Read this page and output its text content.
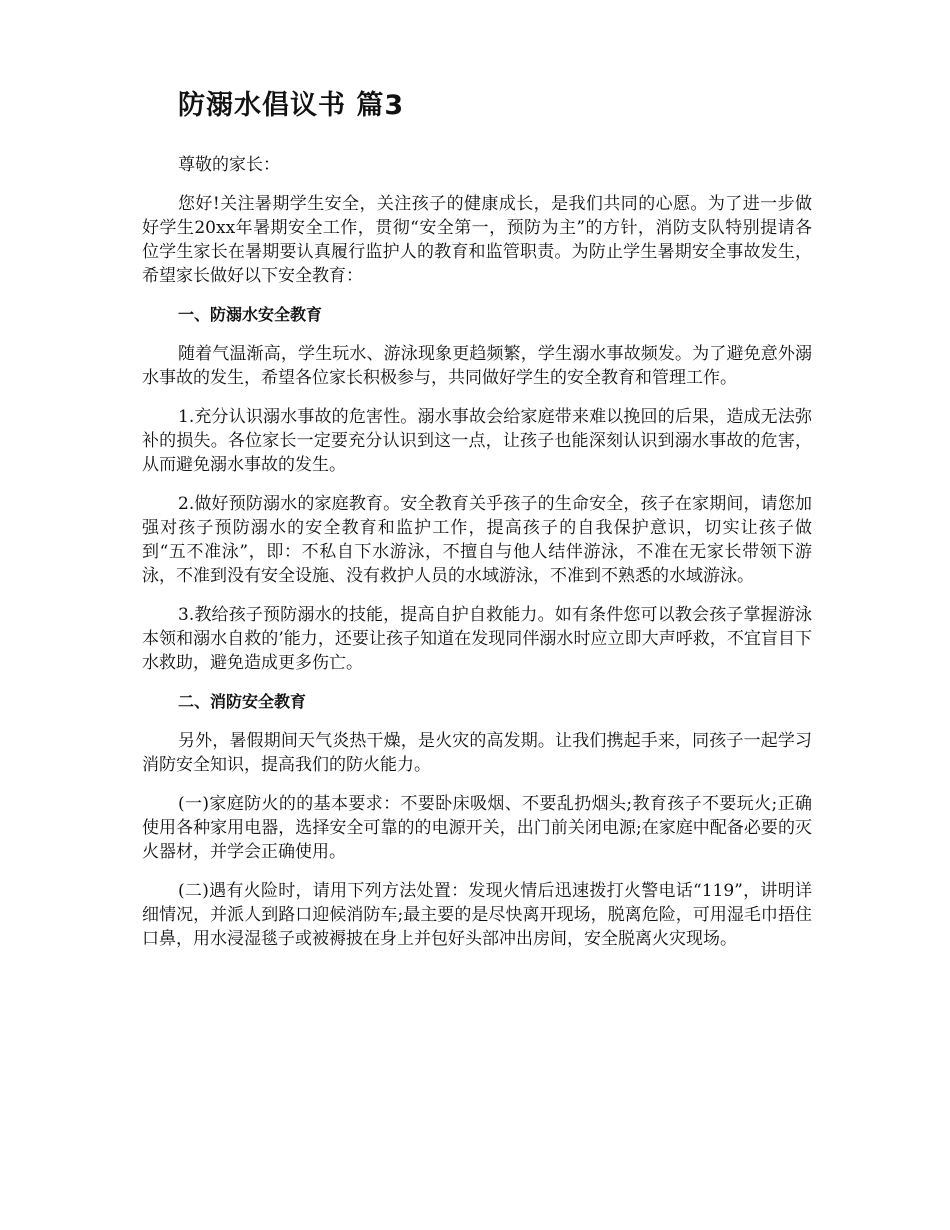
防溺水倡议书 篇3

尊敬的家长：

您好!关注暑期学生安全，关注孩子的健康成长，是我们共同的心愿。为了进一步做好学生20xx年暑期安全工作，贯彻“安全第一，预防为主”的方针，消防支队特别提请各位学生家长在暑期要认真履行监护人的教育和监管职责。为防止学生暑期安全事故发生，希望家长做好以下安全教育：

一、防溺水安全教育

随着气温渐高，学生玩水、游泳现象更趋频繁，学生溺水事故频发。为了避免意外溺水事故的发生，希望各位家长积极参与，共同做好学生的安全教育和管理工作。

1.充分认识溺水事故的危害性。溺水事故会给家庭带来难以挽回的后果，造成无法弥补的损失。各位家长一定要充分认识到这一点，让孩子也能深刻认识到溺水事故的危害，从而避免溺水事故的发生。

2.做好预防溺水的家庭教育。安全教育关乎孩子的生命安全，孩子在家期间，请您加强对孩子预防溺水的安全教育和监护工作，提高孩子的自我保护意识，切实让孩子做到“五不准泳”，即：不私自下水游泳，不擅自与他人结伴游泳，不准在无家长带领下游泳，不准到没有安全设施、没有救护人员的水域游泳，不准到不熟悉的水域游泳。

3.教给孩子预防溺水的技能，提高自护自救能力。如有条件您可以教会孩子掌握游泳本领和溺水自救的’能力，还要让孩子知道在发现同伴溺水时应立即大声呼救，不宜盲目下水救助，避免造成更多伤亡。

二、消防安全教育

另外，暑假期间天气炎热干燥，是火灾的高发期。让我们携起手来，同孩子一起学习消防安全知识，提高我们的防火能力。

(一)家庭防火的的基本要求：不要卧床吸烟、不要乱扔烟头;教育孩子不要玩火;正确使用各种家用电器，选择安全可靠的的电源开关，出门前关闭电源;在家庭中配备必要的灭火器材，并学会正确使用。

(二)遇有火险时，请用下列方法处置：发现火情后迅速拨打火警电话“119”，讲明详细情况，并派人到路口迎候消防车;最主要的是尽快离开现场，脱离危险，可用湿毛巾捂住口鼻，用水浸湿毯子或被褥披在身上并包好头部冲出房间，安全脱离火灾现场。
